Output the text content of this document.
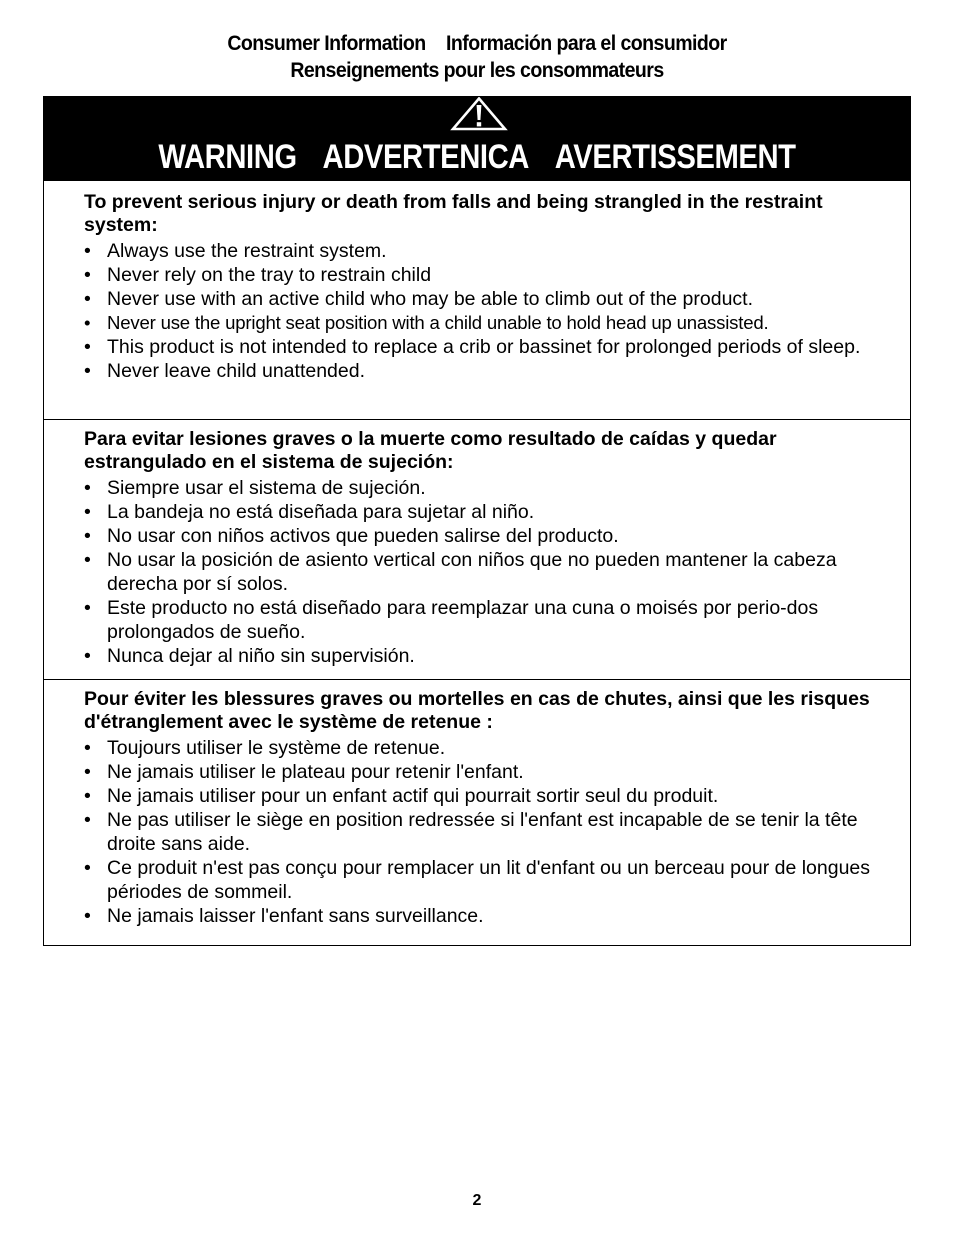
Consumer Information Información para el consumidor
Renseignements pour les consommateurs
WARNING ADVERTENICA AVERTISSEMENT

To prevent serious injury or death from falls and being strangled in the restraint system:

• Always use the restraint system.
• Never rely on the tray to restrain child
• Never use with an active child who may be able to climb out of the product.
• Never use the upright seat position with a child unable to hold head up unassisted.
• This product is not intended to replace a crib or bassinet for prolonged periods of sleep.
• Never leave child unattended.

Para evitar lesiones graves o la muerte como resultado de caídas y quedar estrangulado en el sistema de sujeción:

• Siempre usar el sistema de sujeción.
• La bandeja no está diseñada para sujetar al niño.
• No usar con niños activos que pueden salirse del producto.
• No usar la posición de asiento vertical con niños que no pueden mantener la cabeza derecha por sí solos.
• Este producto no está diseñado para reemplazar una cuna o moisés por perio-dos prolongados de sueño.
• Nunca dejar al niño sin supervisión.

Pour éviter les blessures graves ou mortelles en cas de chutes, ainsi que les risques d'étranglement avec le système de retenue :

• Toujours utiliser le système de retenue.
• Ne jamais utiliser le plateau pour retenir l'enfant.
• Ne jamais utiliser pour un enfant actif qui pourrait sortir seul du produit.
• Ne pas utiliser le siège en position redressée si l'enfant est incapable de se tenir la tête droite sans aide.
• Ce produit n'est pas conçu pour remplacer un lit d'enfant ou un berceau pour de longues périodes de sommeil.
• Ne jamais laisser l'enfant sans surveillance.
2
